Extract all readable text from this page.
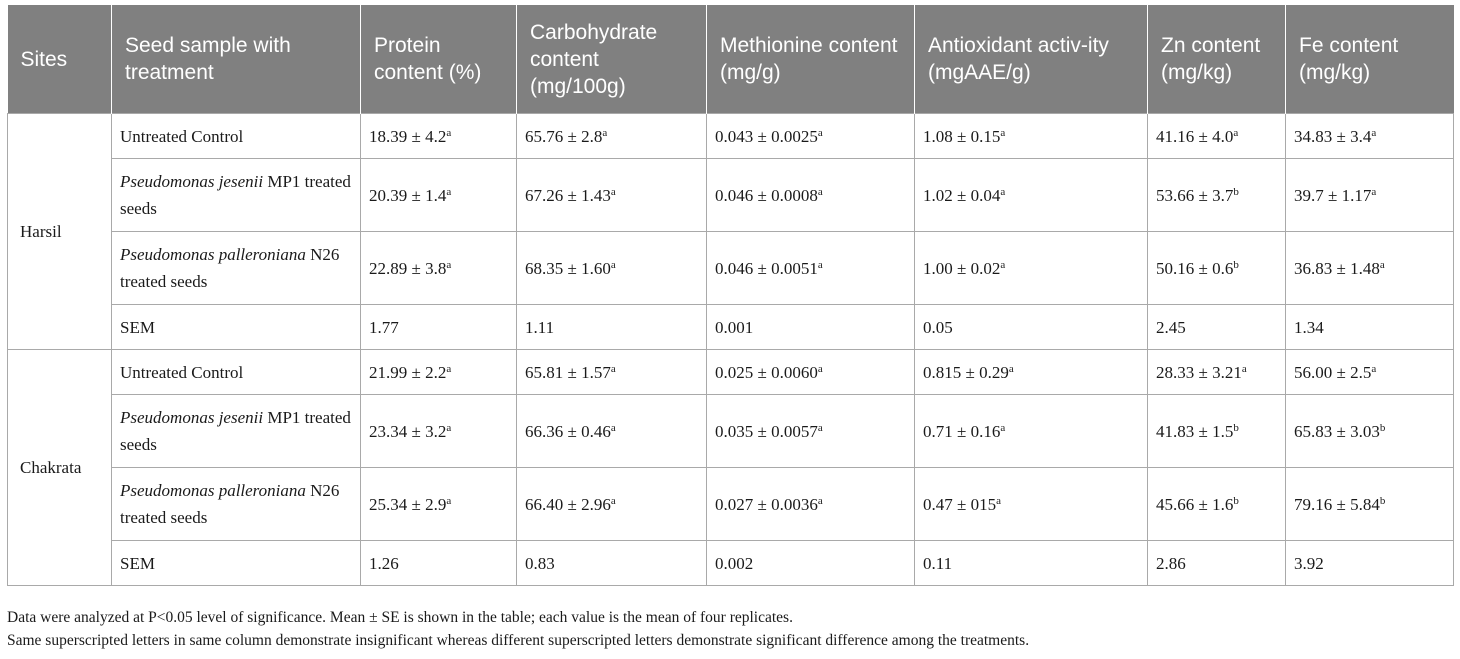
Sites	Seed sample with treatment	Protein content (%)	Carbohydrate content (mg/100g)	Methionine content (mg/g)	Antioxidant activ-ity (mgAAE/g)	Zn content (mg/kg)	Fe content (mg/kg)
Harsil	Untreated Control	18.39 ± 4.2$^a$	65.76 ± 2.8$^a$	0.043 ± 0.0025$^a$	1.08 ± 0.15$^a$	41.16 ± 4.0$^a$	34.83 ± 3.4$^a$
	Pseudomonas jesenii MP1 treated seeds	20.39 ± 1.4$^a$	67.26 ± 1.43$^a$	0.046 ± 0.0008$^a$	1.02 ± 0.04$^a$	53.66 ± 3.7$^b$	39.7 ± 1.17$^a$
	Pseudomonas palleroniana N26 treated seeds	22.89 ± 3.8$^a$	68.35 ± 1.60$^a$	0.046 ± 0.0051$^a$	1.00 ± 0.02$^a$	50.16 ± 0.6$^b$	36.83 ± 1.48$^a$
	SEM	1.77	1.11	0.001	0.05	2.45	1.34
Chakrata	Untreated Control	21.99 ± 2.2$^a$	65.81 ± 1.57$^a$	0.025 ± 0.0060$^a$	0.815 ± 0.29$^a$	28.33 ± 3.21$^a$	56.00 ± 2.5$^a$
	Pseudomonas jesenii MP1 treated seeds	23.34 ± 3.2$^a$	66.36 ± 0.46$^a$	0.035 ± 0.0057$^a$	0.71 ± 0.16$^a$	41.83 ± 1.5$^b$	65.83 ± 3.03$^b$
	Pseudomonas palleroniana N26 treated seeds	25.34 ± 2.9$^a$	66.40 ± 2.96$^a$	0.027 ± 0.0036$^a$	$0.47 \pm 015^a$	45.66 ± 1.6$^b$	79.16 ± 5.84$^b$
	SEM	1.26	0.83	0.002	0.11	2.86	3.92
Data were analyzed at P<0.05 level of significance. Mean ± SE is shown in the table; each value is the mean of four replicates.
Same superscripted letters in same column demonstrate insignificant whereas different superscripted letters demonstrate significant difference among the treatments.
